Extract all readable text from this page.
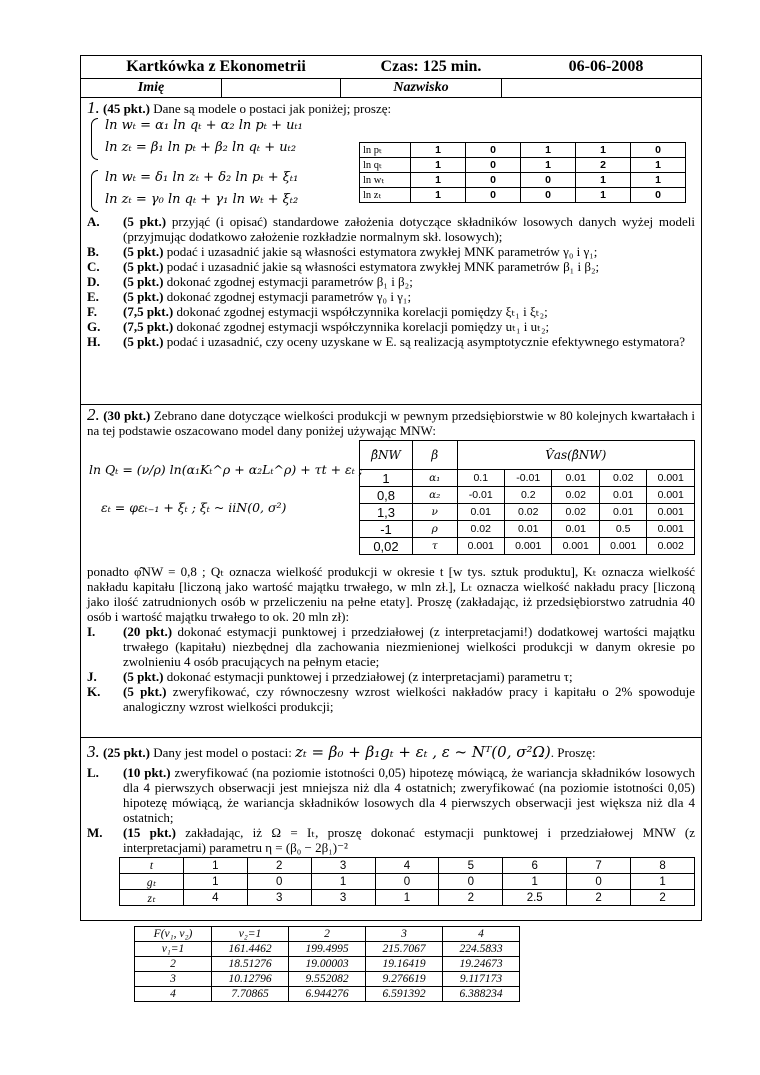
Kartkówka z Ekonometrii	Czas: 125 min.	06-06-2008
Imię	Nazwisko
1. (45 pkt.) Dane są modele o postaci jak poniżej; proszę:
ln wₜ = α₁ ln qₜ + α₂ ln pₜ + uₜ₁
ln zₜ = β₁ ln pₜ + β₂ ln qₜ + uₜ₂
ln wₜ = δ₁ ln zₜ + δ₂ ln pₜ + ξₜ₁
ln zₜ = γ₀ ln qₜ + γ₁ ln wₜ + ξₜ₂
ln pₜ	1	0	1	1	0
ln qₜ	1	0	1	2	1
ln wₜ	1	0	0	1	1
ln zₜ	1	0	0	1	0
A.	(5 pkt.) przyjąć (i opisać) standardowe założenia dotyczące składników losowych danych wyżej modeli (przyjmując dodatkowo założenie rozkładzie normalnym skł. losowych);
B.	(5 pkt.) podać i uzasadnić jakie są własności estymatora zwykłej MNK parametrów γ₀ i γ₁;
C.	(5 pkt.) podać i uzasadnić jakie są własności estymatora zwykłej MNK parametrów β₁ i β₂;
D.	(5 pkt.) dokonać zgodnej estymacji parametrów β₁ i β₂;
E.	(5 pkt.) dokonać zgodnej estymacji parametrów γ₀ i γ₁;
F.	(7,5 pkt.) dokonać zgodnej estymacji współczynnika korelacji pomiędzy ξₜ₁ i ξₜ₂;
G.	(7,5 pkt.) dokonać zgodnej estymacji współczynnika korelacji pomiędzy uₜ₁ i uₜ₂;
H.	(5 pkt.) podać i uzasadnić, czy oceny uzyskane w E. są realizacją asymptotycznie efektywnego estymatora?
2. (30 pkt.) Zebrano dane dotyczące wielkości produkcji w pewnym przedsiębiorstwie w 80 kolejnych kwartałach i na tej podstawie oszacowano model dany poniżej używając MNW:
ln Qₜ = (ν/ρ) ln(α₁Kₜ^ρ + α₂Lₜ^ρ) + τt + εₜ ;
εₜ = φεₜ₋₁ + ξₜ ; ξₜ ~ iiN(0, σ²)
β̂NW	β	V̂as(β̂NW)				
1	α₁	0.1	-0.01	0.01	0.02	0.001
0,8	α₂	-0.01	0.2	0.02	0.01	0.001
1,3	ν	0.01	0.02	0.02	0.01	0.001
-1	ρ	0.02	0.01	0.01	0.5	0.001
0,02	τ	0.001	0.001	0.001	0.001	0.002
ponadto φ̂NW = 0,8 ; Qₜ oznacza wielkość produkcji w okresie t [w tys. sztuk produktu], Kₜ oznacza wielkość nakładu kapitału [liczoną jako wartość majątku trwałego, w mln zł.], Lₜ oznacza wielkość nakładu pracy [liczoną jako ilość zatrudnionych osób w przeliczeniu na pełne etaty]. Proszę (zakładając, iż przedsiębiorstwo zatrudnia 40 osób i wartość majątku trwałego to ok. 20 mln zł):
I.	(20 pkt.) dokonać estymacji punktowej i przedziałowej (z interpretacjami!) dodatkowej wartości majątku trwałego (kapitału) niezbędnej dla zachowania niezmienionej wielkości produkcji w danym okresie po zwolnieniu 4 osób pracujących na pełnym etacie;
J.	(5 pkt.) dokonać estymacji punktowej i przedziałowej (z interpretacjami) parametru τ;
K.	(5 pkt.) zweryfikować, czy równoczesny wzrost wielkości nakładów pracy i kapitału o 2% spowoduje analogiczny wzrost wielkości produkcji;
3. (25 pkt.) Dany jest model o postaci: zₜ = β₀ + β₁gₜ + εₜ , ε ~ Nᵀ(0, σ²Ω). Proszę:
L.	(10 pkt.) zweryfikować (na poziomie istotności 0,05) hipotezę mówiącą, że wariancja składników losowych dla 4 pierwszych obserwacji jest mniejsza niż dla 4 ostatnich; zweryfikować (na poziomie istotności 0,05) hipotezę mówiącą, że wariancja składników losowych dla 4 pierwszych obserwacji jest większa niż dla 4 ostatnich;
M.	(15 pkt.) zakładając, iż Ω = Iₜ, proszę dokonać estymacji punktowej i przedziałowej MNW (z interpretacjami) parametru η = (β₀ − 2β₁)⁻²
t	1	2	3	4	5	6	7	8
gₜ	1	0	1	0	0	1	0	1
zₜ	4	3	3	1	2	2.5	2	2
F(ν₁, ν₂)	ν₂=1	2	3	4
ν₁=1	161.4462	199.4995	215.7067	224.5833
2	18.51276	19.00003	19.16419	19.24673
3	10.12796	9.552082	9.276619	9.117173
4	7.70865	6.944276	6.591392	6.388234
